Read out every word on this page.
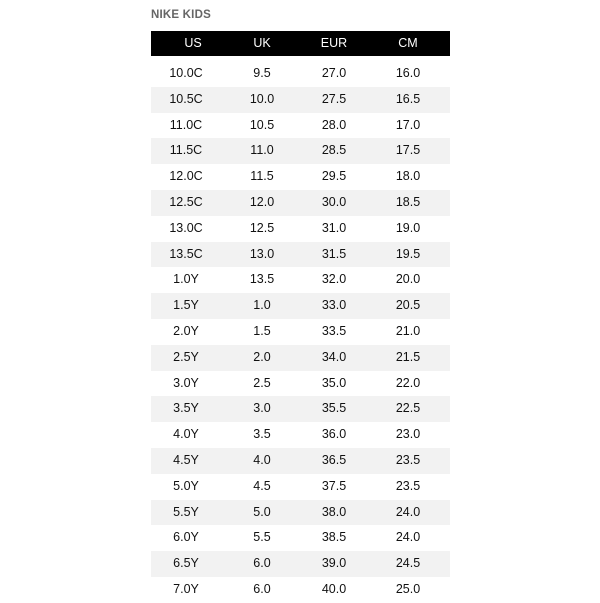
NIKE KIDS
US	UK	EUR	CM
10.0C	9.5	27.0	16.0
10.5C	10.0	27.5	16.5
11.0C	10.5	28.0	17.0
11.5C	11.0	28.5	17.5
12.0C	11.5	29.5	18.0
12.5C	12.0	30.0	18.5
13.0C	12.5	31.0	19.0
13.5C	13.0	31.5	19.5
1.0Y	13.5	32.0	20.0
1.5Y	1.0	33.0	20.5
2.0Y	1.5	33.5	21.0
2.5Y	2.0	34.0	21.5
3.0Y	2.5	35.0	22.0
3.5Y	3.0	35.5	22.5
4.0Y	3.5	36.0	23.0
4.5Y	4.0	36.5	23.5
5.0Y	4.5	37.5	23.5
5.5Y	5.0	38.0	24.0
6.0Y	5.5	38.5	24.0
6.5Y	6.0	39.0	24.5
7.0Y	6.0	40.0	25.0
